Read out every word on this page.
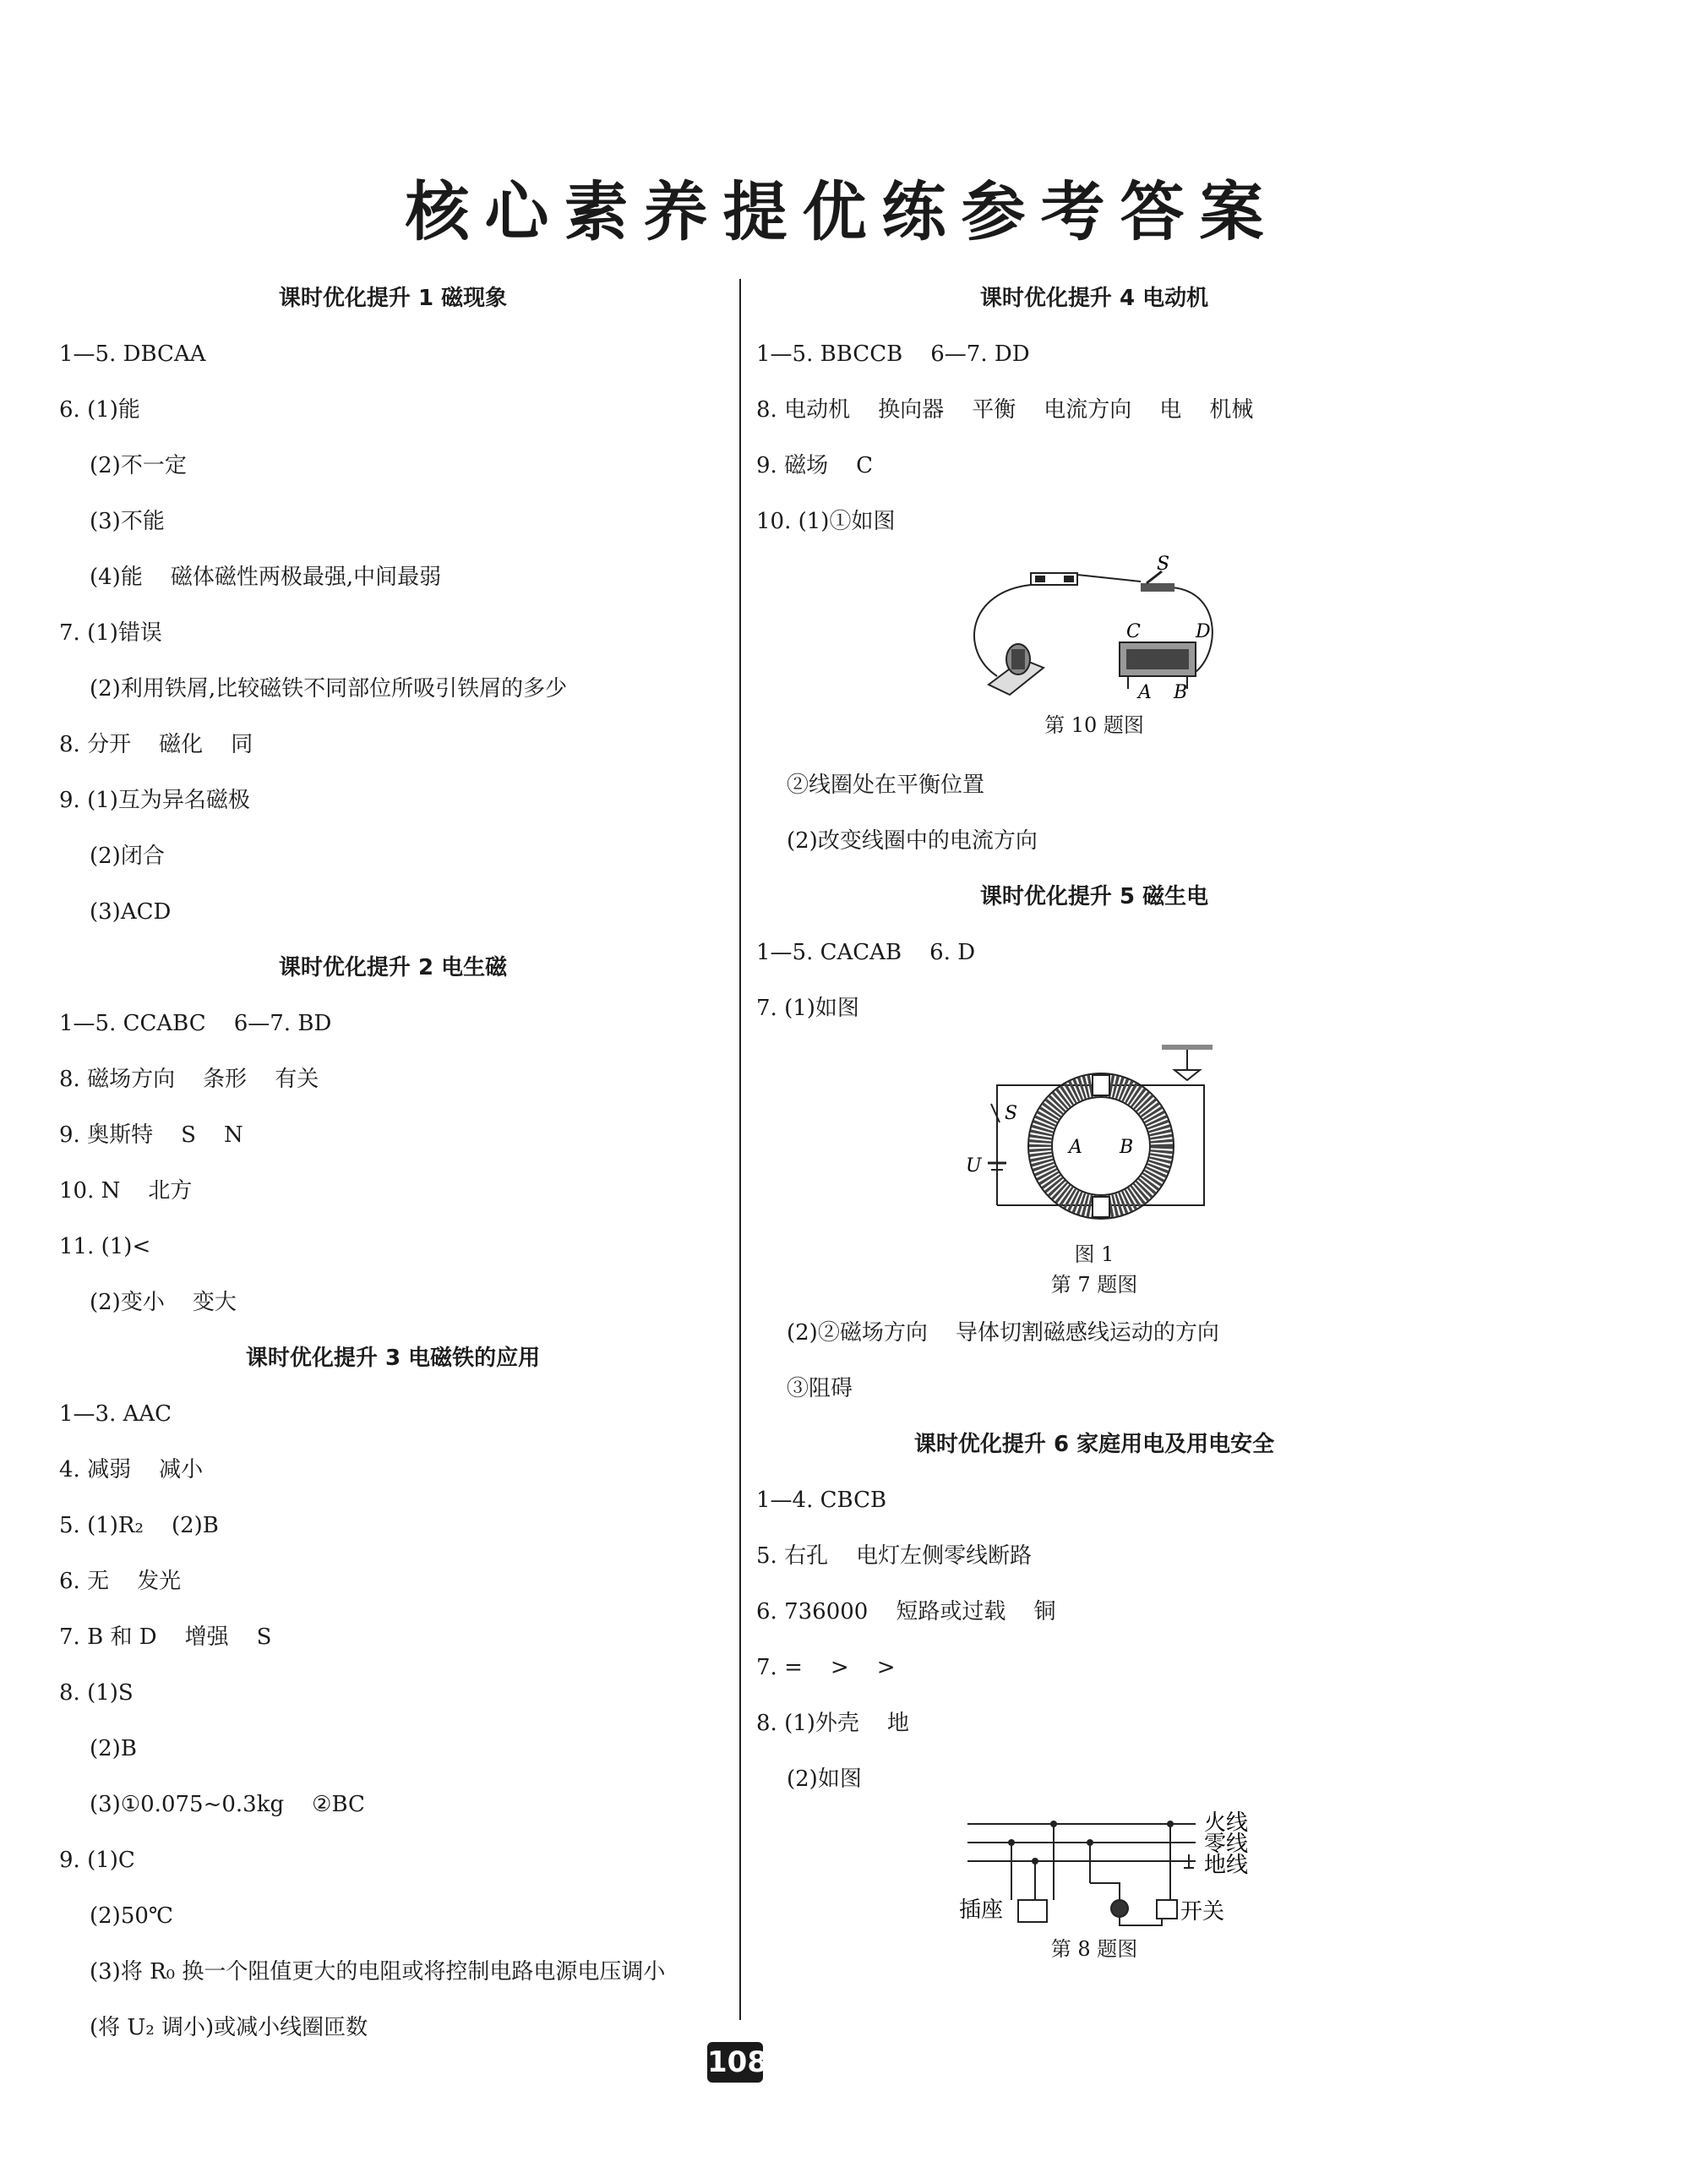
核心素养提优练参考答案
课时优化提升 1 磁现象
1—5. DBCAA
6. (1)能
(2)不一定
(3)不能
(4)能    磁体磁性两极最强,中间最弱
7. (1)错误
(2)利用铁屑,比较磁铁不同部位所吸引铁屑的多少
8. 分开    磁化    同
9. (1)互为异名磁极
(2)闭合
(3)ACD
课时优化提升 2 电生磁
1—5. CCABC    6—7. BD
8. 磁场方向    条形    有关
9. 奥斯特    S    N
10. N    北方
11. (1)<
(2)变小    变大
课时优化提升 3 电磁铁的应用
1—3. AAC
4. 减弱    减小
5. (1)R₂    (2)B
6. 无    发光
7. B 和 D    增强    S
8. (1)S
(2)B
(3)①0.075~0.3kg    ②BC
9. (1)C
(2)50℃
(3)将 R₀ 换一个阻值更大的电阻或将控制电路电源电压调小
(将 U₂ 调小)或减小线圈匝数
课时优化提升 4 电动机
1—5. BBCCB    6—7. DD
8. 电动机    换向器    平衡    电流方向    电    机械
9. 磁场    C
10. (1)①如图
S
C	D
A B
第 10 题图
②线圈处在平衡位置
(2)改变线圈中的电流方向
课时优化提升 5 磁生电
1—5. CACAB    6. D
7. (1)如图
S
U
A B
图 1
第 7 题图
(2)②磁场方向    导体切割磁感线运动的方向
③阻碍
课时优化提升 6 家庭用电及用电安全
1—4. CBCB
5. 右孔    电灯左侧零线断路
6. 736000    短路或过载    铜
7. =    >    >
8. (1)外壳    地
(2)如图
火线
零线
地线
插座	开关
第 8 题图
108
